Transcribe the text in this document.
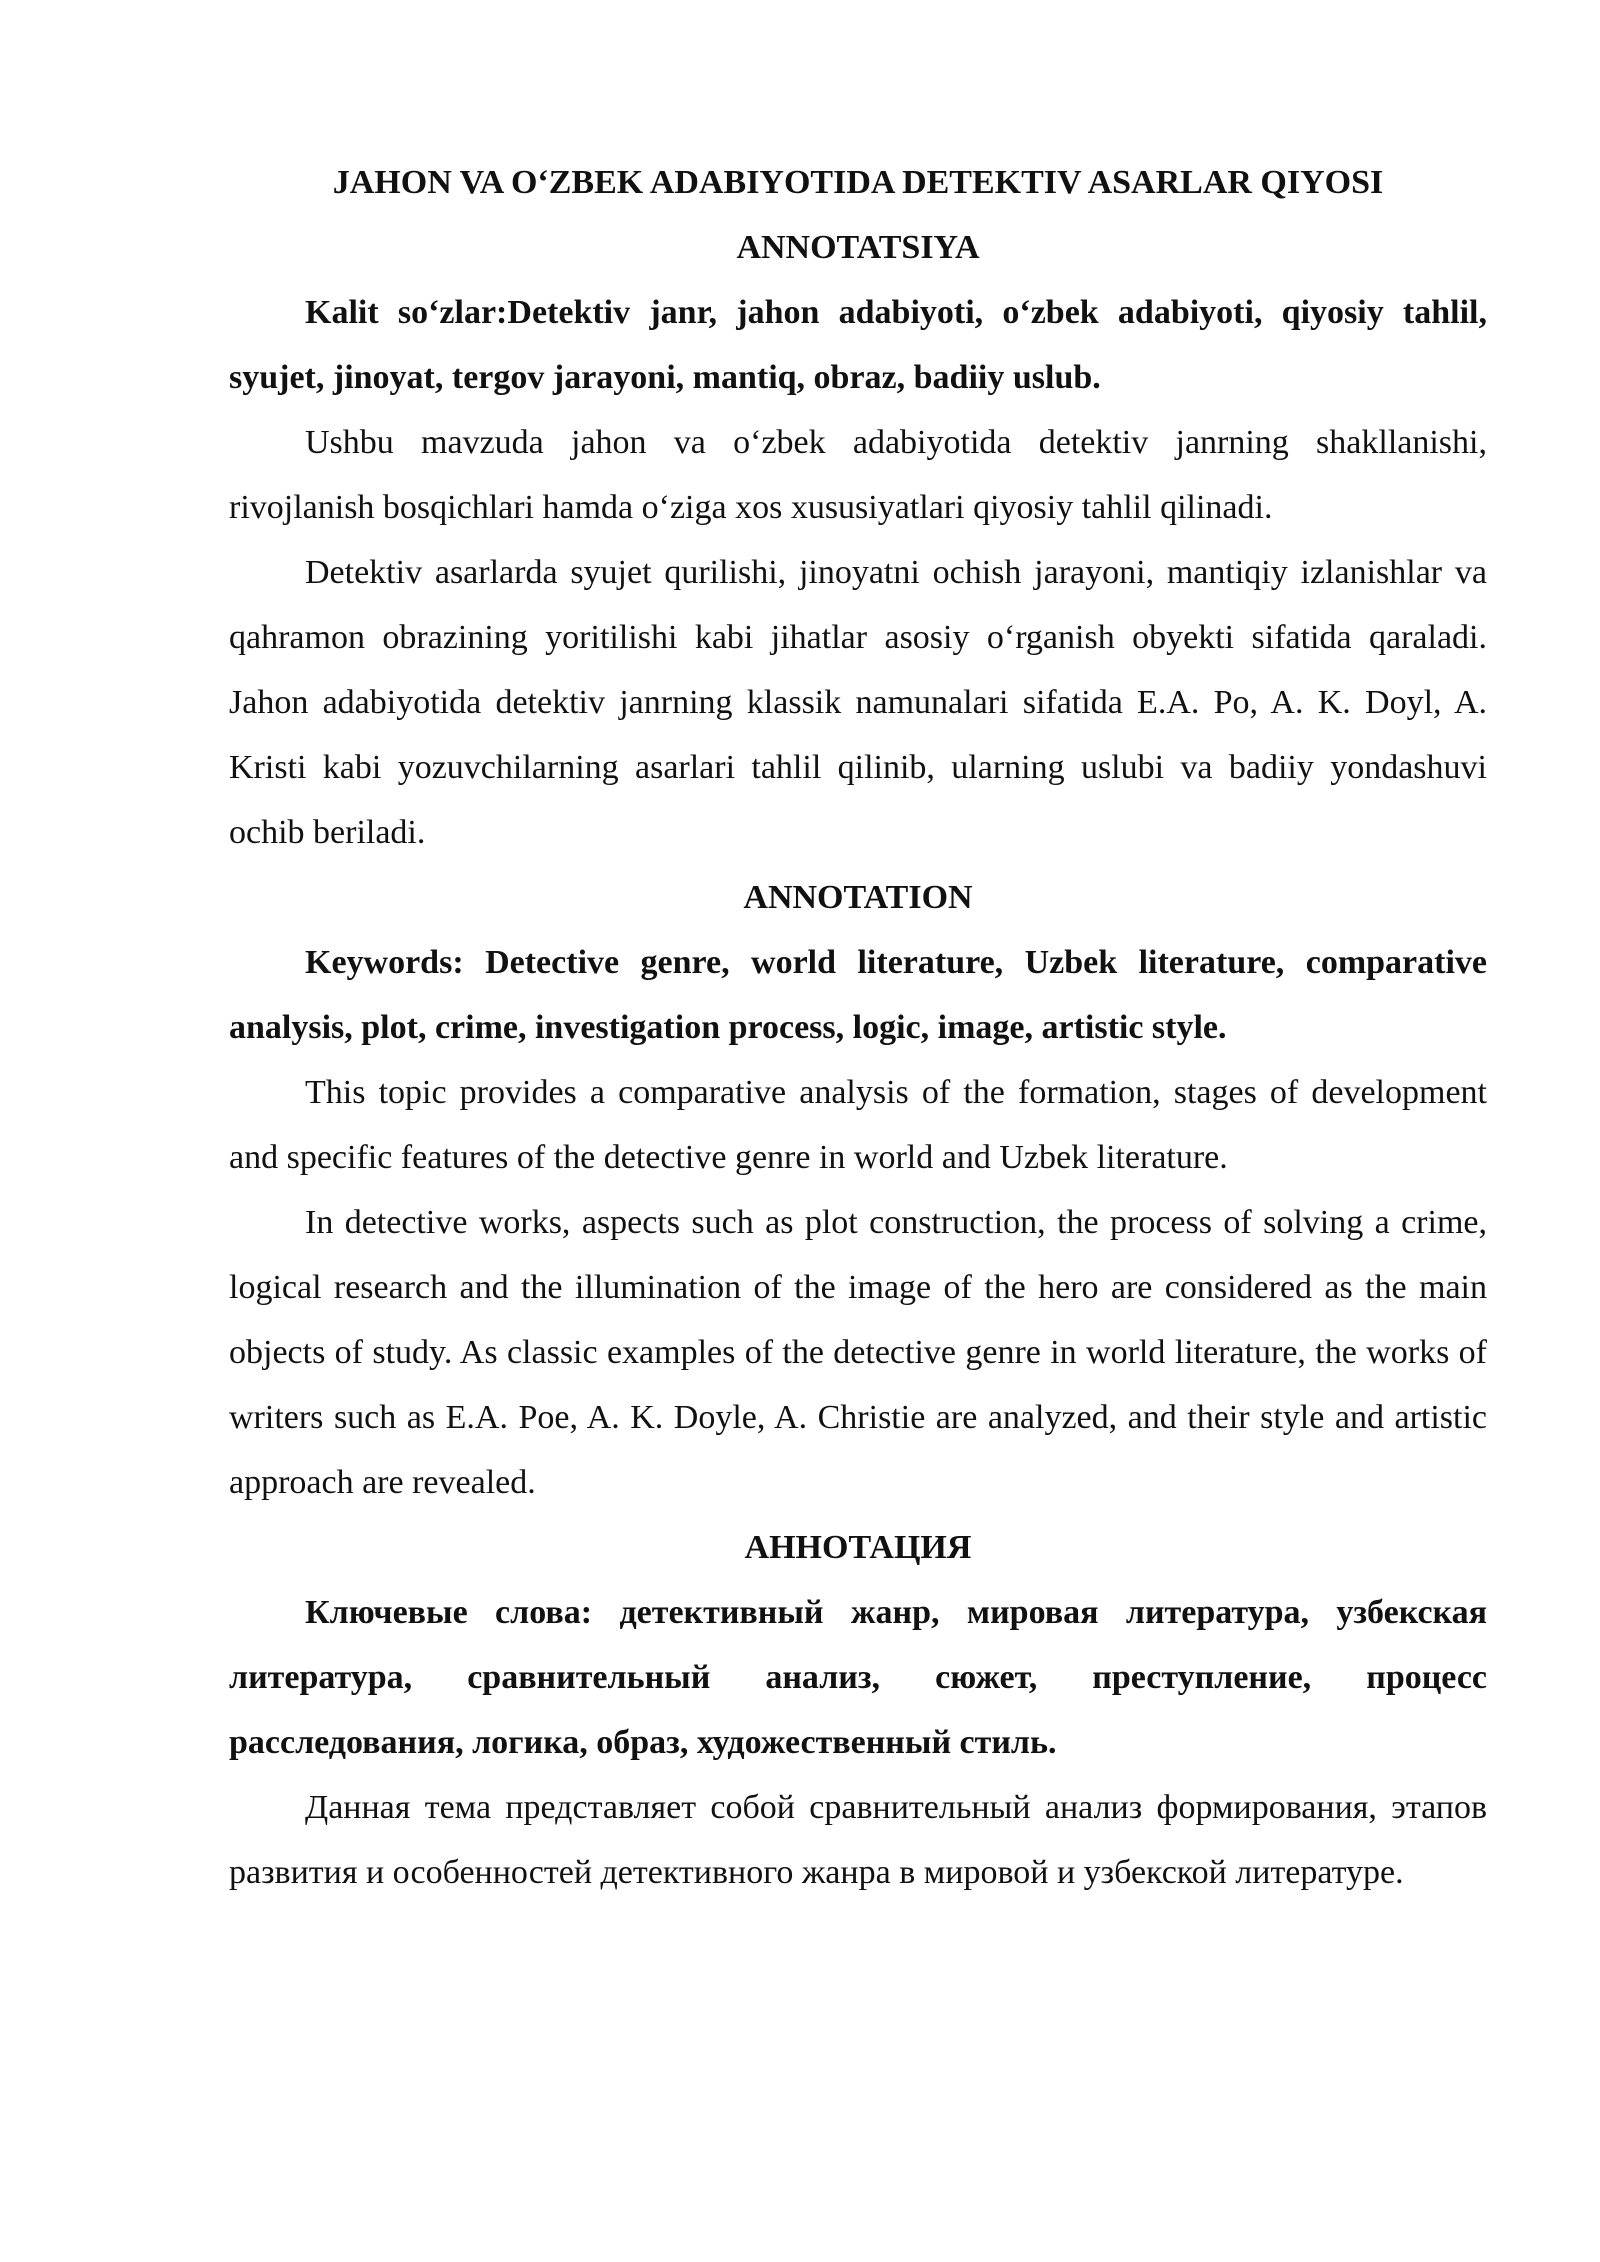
JAHON VA O‘ZBEK ADABIYOTIDA DETEKTIV ASARLAR QIYOSI

ANNOTATSIYA

Kalit so‘zlar:Detektiv janr, jahon adabiyoti, o‘zbek adabiyoti, qiyosiy tahlil, syujet, jinoyat, tergov jarayoni, mantiq, obraz, badiiy uslub.

Ushbu mavzuda jahon va o‘zbek adabiyotida detektiv janrning shakllanishi, rivojlanish bosqichlari hamda o‘ziga xos xususiyatlari qiyosiy tahlil qilinadi.

Detektiv asarlarda syujet qurilishi, jinoyatni ochish jarayoni, mantiqiy izlanishlar va qahramon obrazining yoritilishi kabi jihatlar asosiy o‘rganish obyekti sifatida qaraladi. Jahon adabiyotida detektiv janrning klassik namunalari sifatida E.A. Po, A. K. Doyl, A. Kristi kabi yozuvchilarning asarlari tahlil qilinib, ularning uslubi va badiiy yondashuvi ochib beriladi.

ANNOTATION

Keywords: Detective genre, world literature, Uzbek literature, comparative analysis, plot, crime, investigation process, logic, image, artistic style.

This topic provides a comparative analysis of the formation, stages of development and specific features of the detective genre in world and Uzbek literature.

In detective works, aspects such as plot construction, the process of solving a crime, logical research and the illumination of the image of the hero are considered as the main objects of study. As classic examples of the detective genre in world literature, the works of writers such as E.A. Poe, A. K. Doyle, A. Christie are analyzed, and their style and artistic approach are revealed.

АННОТАЦИЯ

Ключевые слова: детективный жанр, мировая литература, узбекская литература, сравнительный анализ, сюжет, преступление, процесс расследования, логика, образ, художественный стиль.

Данная тема представляет собой сравнительный анализ формирования, этапов развития и особенностей детективного жанра в мировой и узбекской литературе.
